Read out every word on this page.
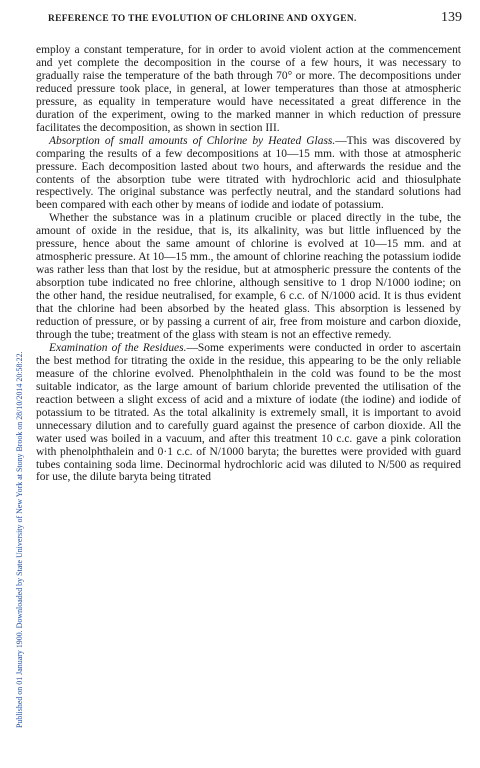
Published on 01 January 1900. Downloaded by State University of New York at Stony Brook on 28/10/2014 20:58:22.
REFERENCE TO THE EVOLUTION OF CHLORINE AND OXYGEN.	139

employ a constant temperature, for in order to avoid violent action at the commencement and yet complete the decomposition in the course of a few hours, it was necessary to gradually raise the temperature of the bath through 70° or more. The decompositions under reduced pressure took place, in general, at lower temperatures than those at atmospheric pressure, as equality in temperature would have necessitated a great difference in the duration of the experiment, owing to the marked manner in which reduction of pressure facilitates the decomposition, as shown in section III.

Absorption of small amounts of Chlorine by Heated Glass.—This was discovered by comparing the results of a few decompositions at 10—15 mm. with those at atmospheric pressure. Each decomposition lasted about two hours, and afterwards the residue and the contents of the absorption tube were titrated with hydrochloric acid and thiosulphate respectively. The original substance was perfectly neutral, and the standard solutions had been compared with each other by means of iodide and iodate of potassium.

Whether the substance was in a platinum crucible or placed directly in the tube, the amount of oxide in the residue, that is, its alkalinity, was but little influenced by the pressure, hence about the same amount of chlorine is evolved at 10—15 mm. and at atmospheric pressure. At 10—15 mm., the amount of chlorine reaching the potassium iodide was rather less than that lost by the residue, but at atmospheric pressure the contents of the absorption tube indicated no free chlorine, although sensitive to 1 drop N/1000 iodine; on the other hand, the residue neutralised, for example, 6 c.c. of N/1000 acid. It is thus evident that the chlorine had been absorbed by the heated glass. This absorption is lessened by reduction of pressure, or by passing a current of air, free from moisture and carbon dioxide, through the tube; treatment of the glass with steam is not an effective remedy.

Examination of the Residues.—Some experiments were conducted in order to ascertain the best method for titrating the oxide in the residue, this appearing to be the only reliable measure of the chlorine evolved. Phenolphthalein in the cold was found to be the most suitable indicator, as the large amount of barium chloride prevented the utilisation of the reaction between a slight excess of acid and a mixture of iodate (the iodine) and iodide of potassium to be titrated. As the total alkalinity is extremely small, it is important to avoid unnecessary dilution and to carefully guard against the presence of carbon dioxide. All the water used was boiled in a vacuum, and after this treatment 10 c.c. gave a pink coloration with phenolphthalein and 0·1 c.c. of N/1000 baryta; the burettes were provided with guard tubes containing soda lime. Decinormal hydrochloric acid was diluted to N/500 as required for use, the dilute baryta being titrated
